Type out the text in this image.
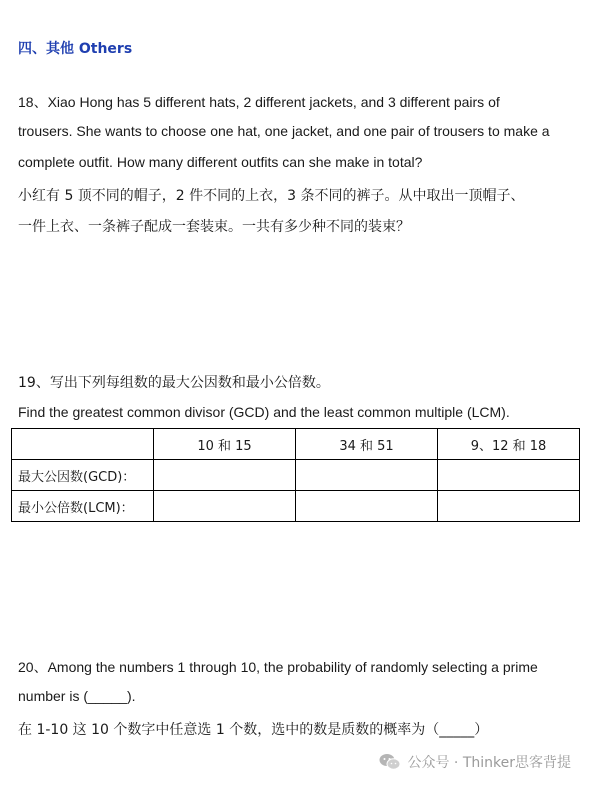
四、其他 Others
18、Xiao Hong has 5 different hats, 2 different jackets, and 3 different pairs of
trousers. She wants to choose one hat, one jacket, and one pair of trousers to make a
complete outfit. How many different outfits can she make in total?
小红有 5 顶不同的帽子，2 件不同的上衣，3 条不同的裤子。从中取出一顶帽子、
一件上衣、一条裤子配成一套装束。一共有多少种不同的装束？
19、写出下列每组数的最大公因数和最小公倍数。
Find the greatest common divisor (GCD) and the least common multiple (LCM).
	10 和 15	34 和 51	9、12 和 18
最大公因数(GCD)：			
最小公倍数(LCM)：			
20、Among the numbers 1 through 10, the probability of randomly selecting a prime
number is (_____).
在 1-10 这 10 个数字中任意选 1 个数，选中的数是质数的概率为（_____）
公众号 · Thinker思客背提
